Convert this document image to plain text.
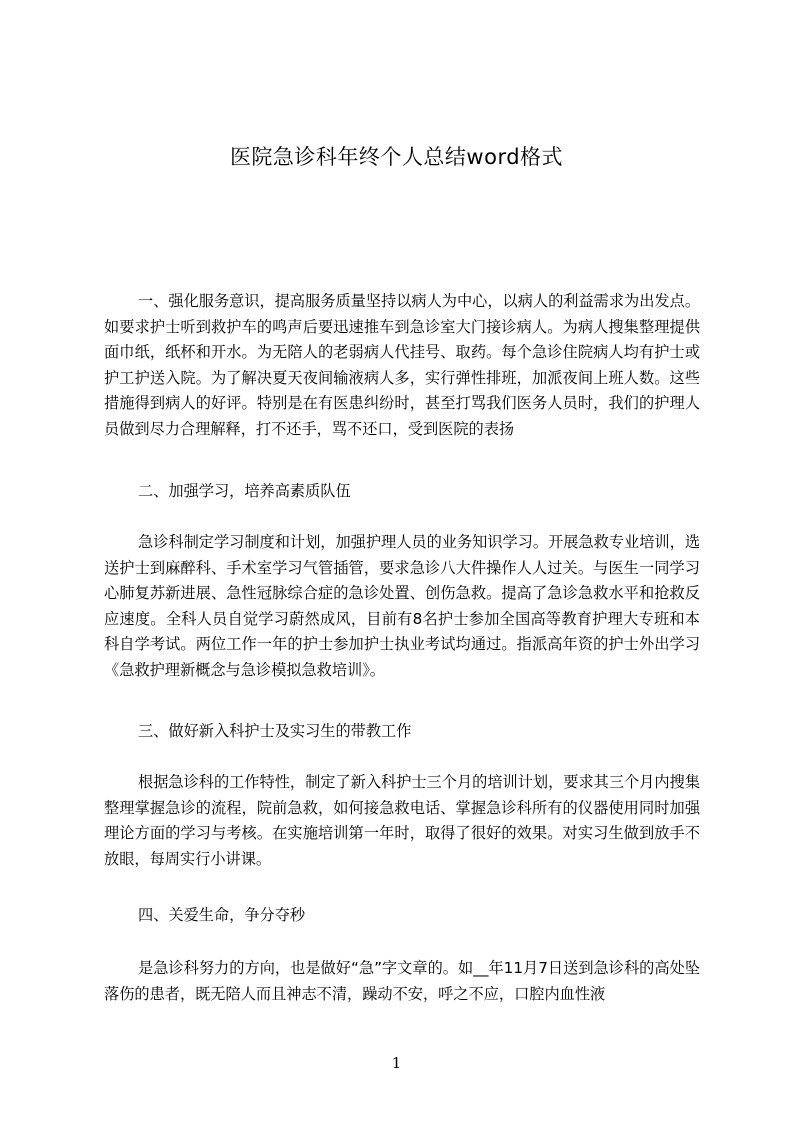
医院急诊科年终个人总结word格式

一、强化服务意识，提高服务质量坚持以病人为中心，以病人的利益需求为出发点。如要求护士听到救护车的鸣声后要迅速推车到急诊室大门接诊病人。为病人搜集整理提供面巾纸，纸杯和开水。为无陪人的老弱病人代挂号、取药。每个急诊住院病人均有护士或护工护送入院。为了解决夏天夜间输液病人多，实行弹性排班，加派夜间上班人数。这些措施得到病人的好评。特别是在有医患纠纷时，甚至打骂我们医务人员时，我们的护理人员做到尽力合理解释，打不还手，骂不还口，受到医院的表扬

二、加强学习，培养高素质队伍

急诊科制定学习制度和计划，加强护理人员的业务知识学习。开展急救专业培训，选送护士到麻醉科、手术室学习气管插管，要求急诊八大件操作人人过关。与医生一同学习心肺复苏新进展、急性冠脉综合症的急诊处置、创伤急救。提高了急诊急救水平和抢救反应速度。全科人员自觉学习蔚然成风，目前有8名护士参加全国高等教育护理大专班和本科自学考试。两位工作一年的护士参加护士执业考试均通过。指派高年资的护士外出学习《急救护理新概念与急诊模拟急救培训》。

三、做好新入科护士及实习生的带教工作

根据急诊科的工作特性，制定了新入科护士三个月的培训计划，要求其三个月内搜集整理掌握急诊的流程，院前急救，如何接急救电话、掌握急诊科所有的仪器使用同时加强理论方面的学习与考核。在实施培训第一年时，取得了很好的效果。对实习生做到放手不放眼，每周实行小讲课。

四、关爱生命，争分夺秒

是急诊科努力的方向，也是做好“急”字文章的。如__年11月7日送到急诊科的高处坠落伤的患者，既无陪人而且神志不清，躁动不安，呼之不应，口腔内血性液

1
